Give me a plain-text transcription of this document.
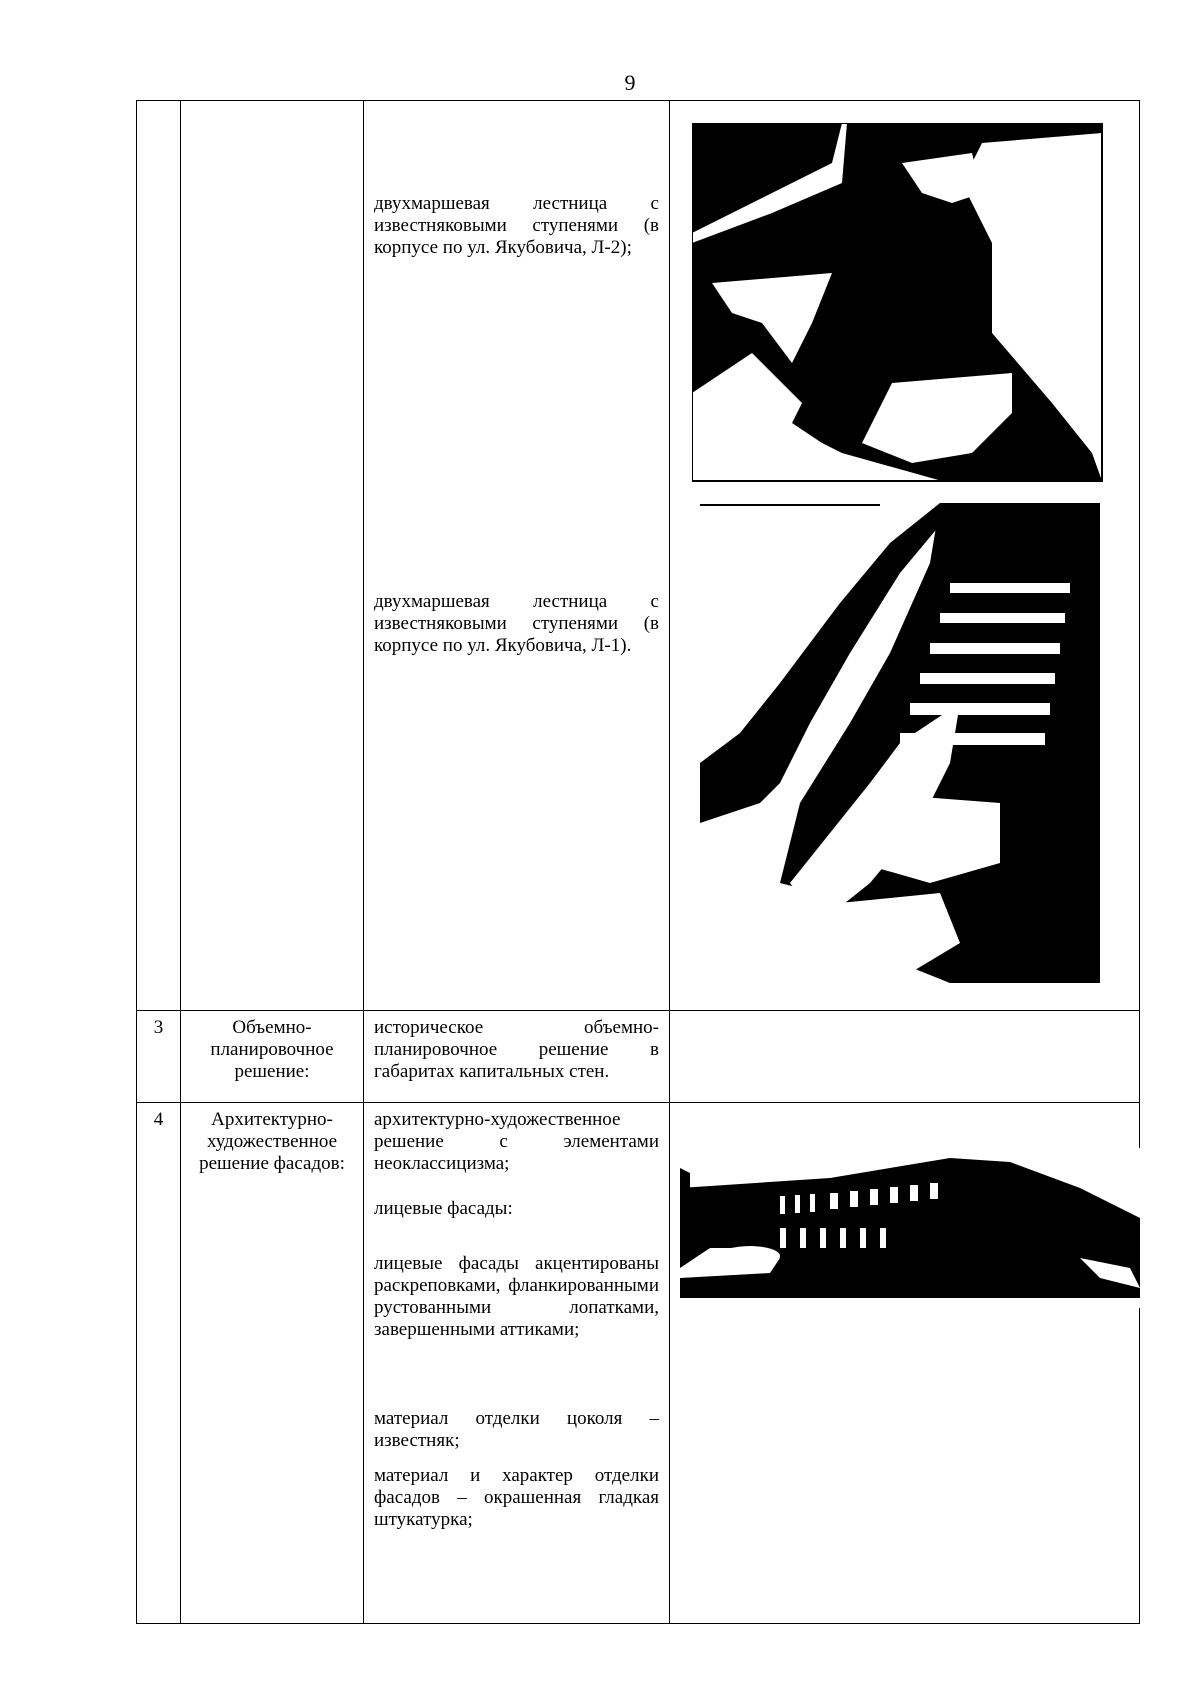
9

		двухмаршевая лестница с известняковыми ступенями (в корпусе по ул. Якубовича, Л-2);

двухмаршевая лестница с известняковыми ступенями (в корпусе по ул. Якубовича, Л-1).

3	Объемно-планировочное решение:	историческое объемно-планировочное решение в габаритах капитальных стен.	
4	Архитектурно-художественное решение фасадов:	архитектурно-художественное решение с элементами неоклассицизма;

лицевые фасады:

лицевые фасады акцентированы раскреповками, фланкированными рустованными лопатками, завершенными аттиками;

материал отделки цоколя – известняк;

материал и характер отделки фасадов – окрашенная гладкая штукатурка;
